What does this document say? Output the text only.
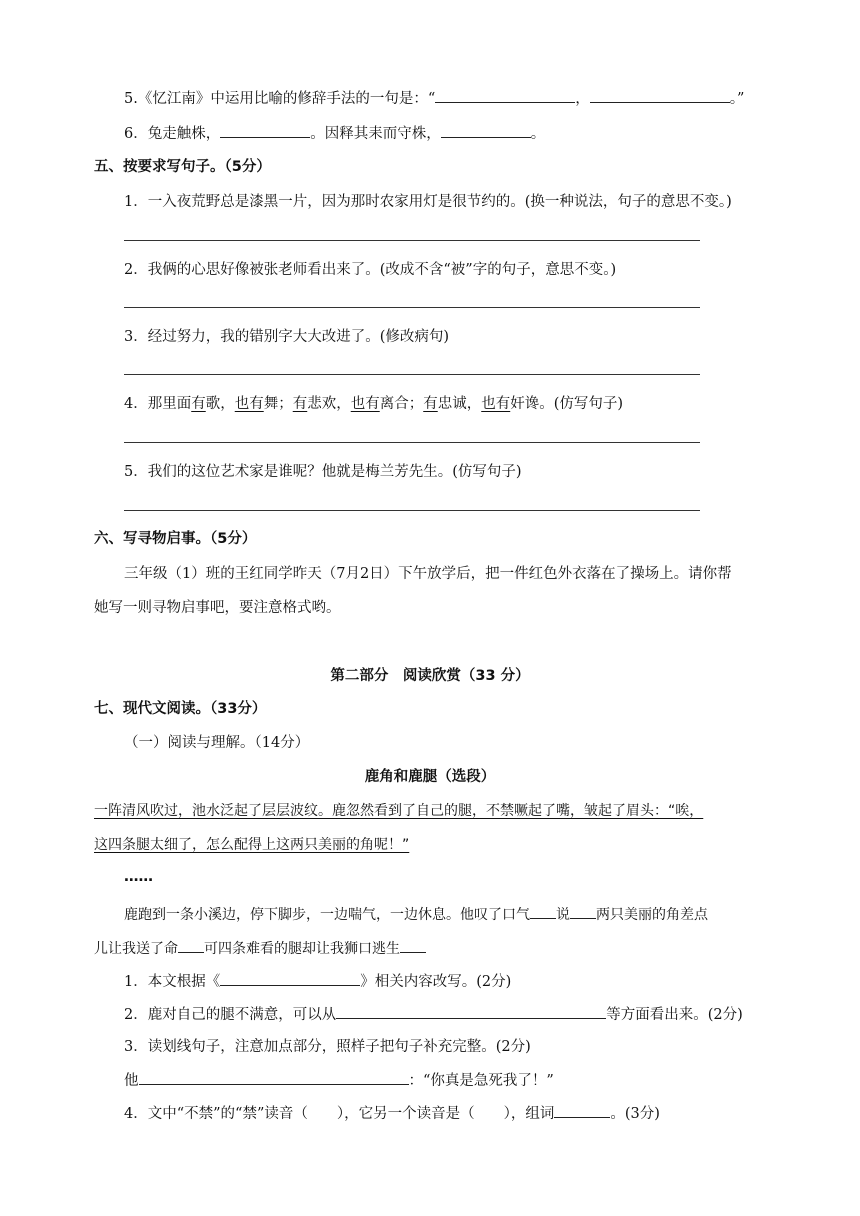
5.《忆江南》中运用比喻的修辞手法的一句是：“	，	。”
6．兔走触株，	。因释其耒而守株，	。
五、按要求写句子。（5分）
1．一入夜荒野总是漆黑一片，因为那时农家用灯是很节约的。(换一种说法，句子的意思不变。)
2．我俩的心思好像被张老师看出来了。(改成不含“被”字的句子，意思不变。)
3．经过努力，我的错别字大大改进了。(修改病句)
4．那里面有歌，也有舞；有悲欢，也有离合；有忠诚，也有奸谗。(仿写句子)
5．我们的这位艺术家是谁呢？他就是梅兰芳先生。(仿写句子)
六、写寻物启事。（5分）
三年级（1）班的王红同学昨天（7月2日）下午放学后，把一件红色外衣落在了操场上。请你帮
她写一则寻物启事吧，要注意格式哟。
第二部分　阅读欣赏（33 分）
七、现代文阅读。（33分）
（一）阅读与理解。（14分）
鹿角和鹿腿（选段）
一阵清风吹过，池水泛起了层层波纹。鹿忽然看到了自己的腿，不禁噘起了嘴，皱起了眉头：“唉，
这四条腿太细了，怎么配得上这两只美丽的角呢！”
……
鹿跑到一条小溪边，停下脚步，一边喘气，一边休息。他叹了口气 说 两只美丽的角差点
儿让我送了命 可四条难看的腿却让我狮口逃生
1．本文根据《	》相关内容改写。(2分)
2．鹿对自己的腿不满意，可以从	等方面看出来。(2分)
3．读划线句子，注意加点部分，照样子把句子补充完整。(2分)
他	：“你真是急死我了！”
4．文中“不禁”的“禁”读音（　　），它另一个读音是（　　），组词	。(3分)
